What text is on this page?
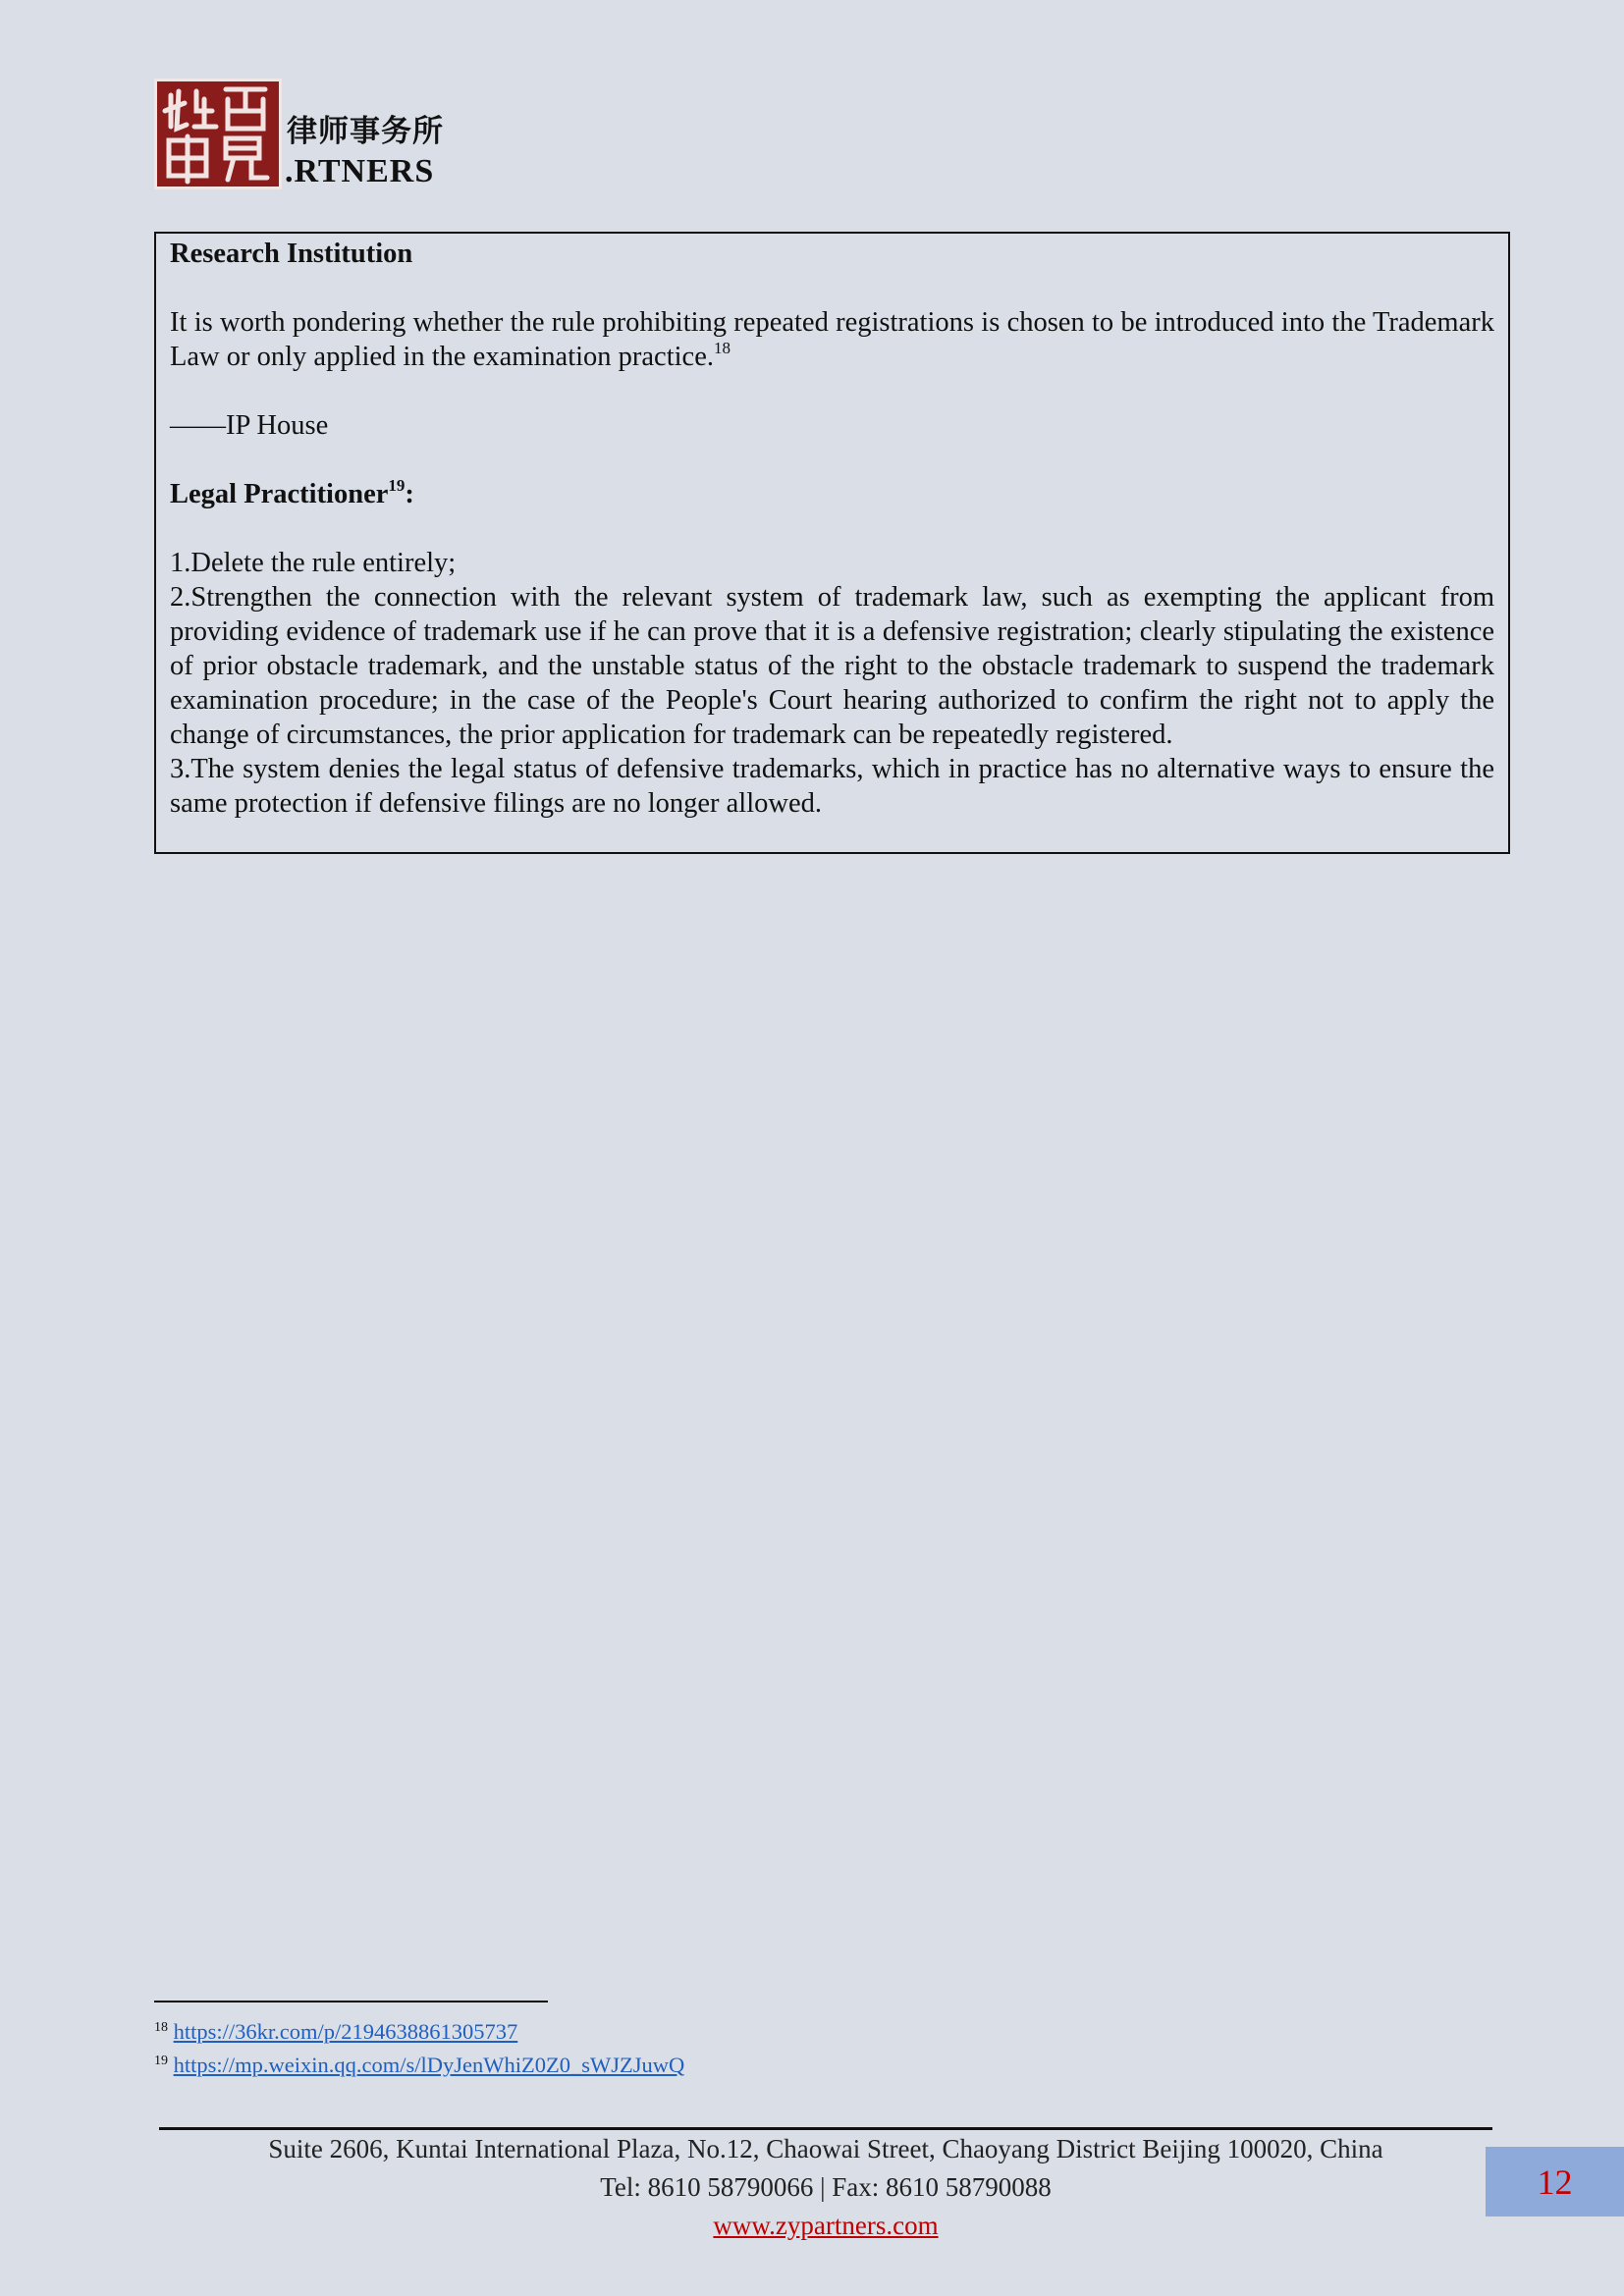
律师事务所
.RTNERS

Research Institution

It is worth pondering whether the rule prohibiting repeated registrations is chosen to be introduced into the Trademark Law or only applied in the examination practice.$^{18}$

——IP House

Legal Practitioner$^{19}$:

1.Delete the rule entirely;

2.Strengthen the connection with the relevant system of trademark law, such as exempting the applicant from providing evidence of trademark use if he can prove that it is a defensive registration; clearly stipulating the existence of prior obstacle trademark, and the unstable status of the right to the obstacle trademark to suspend the trademark examination procedure; in the case of the People's Court hearing authorized to confirm the right not to apply the change of circumstances, the prior application for trademark can be repeatedly registered.

3.The system denies the legal status of defensive trademarks, which in practice has no alternative ways to ensure the same protection if defensive filings are no longer allowed.

$^{18}$ https://36kr.com/p/2194638861305737
$^{19}$ https://mp.weixin.qq.com/s/lDyJenWhiZ0Z0_sWJZJuwQ
Suite 2606, Kuntai International Plaza, No.12, Chaowai Street, Chaoyang District Beijing 100020, China
Tel: 8610 58790066 | Fax: 8610 58790088
www.zypartners.com
12
